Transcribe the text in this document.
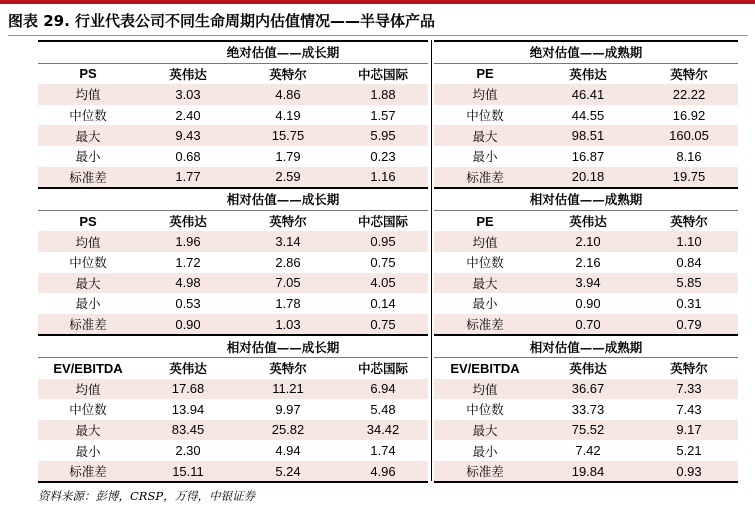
图表 29. 行业代表公司不同生命周期内估值情况——半导体产品
	绝对估值——成长期		
PS	英伟达	英特尔	中芯国际
均值	3.03	4.86	1.88
中位数	2.40	4.19	1.57
最大	9.43	15.75	5.95
最小	0.68	1.79	0.23
标准差	1.77	2.59	1.16
	相对估值——成长期		
PS	英伟达	英特尔	中芯国际
均值	1.96	3.14	0.95
中位数	1.72	2.86	0.75
最大	4.98	7.05	4.05
最小	0.53	1.78	0.14
标准差	0.90	1.03	0.75
	相对估值——成长期		
EV/EBITDA	英伟达	英特尔	中芯国际
均值	17.68	11.21	6.94
中位数	13.94	9.97	5.48
最大	83.45	25.82	34.42
最小	2.30	4.94	1.74
标准差	15.11	5.24	4.96
绝对估值——成熟期		
PE	英伟达	英特尔
均值	46.41	22.22
中位数	44.55	16.92
最大	98.51	160.05
最小	16.87	8.16
标准差	20.18	19.75
相对估值——成熟期		
PE	英伟达	英特尔
均值	2.10	1.10
中位数	2.16	0.84
最大	3.94	5.85
最小	0.90	0.31
标准差	0.70	0.79
相对估值——成熟期		
EV/EBITDA	英伟达	英特尔
均值	36.67	7.33
中位数	33.73	7.43
最大	75.52	9.17
最小	7.42	5.21
标准差	19.84	0.93
资料来源：彭博，CRSP，万得，中银证券
